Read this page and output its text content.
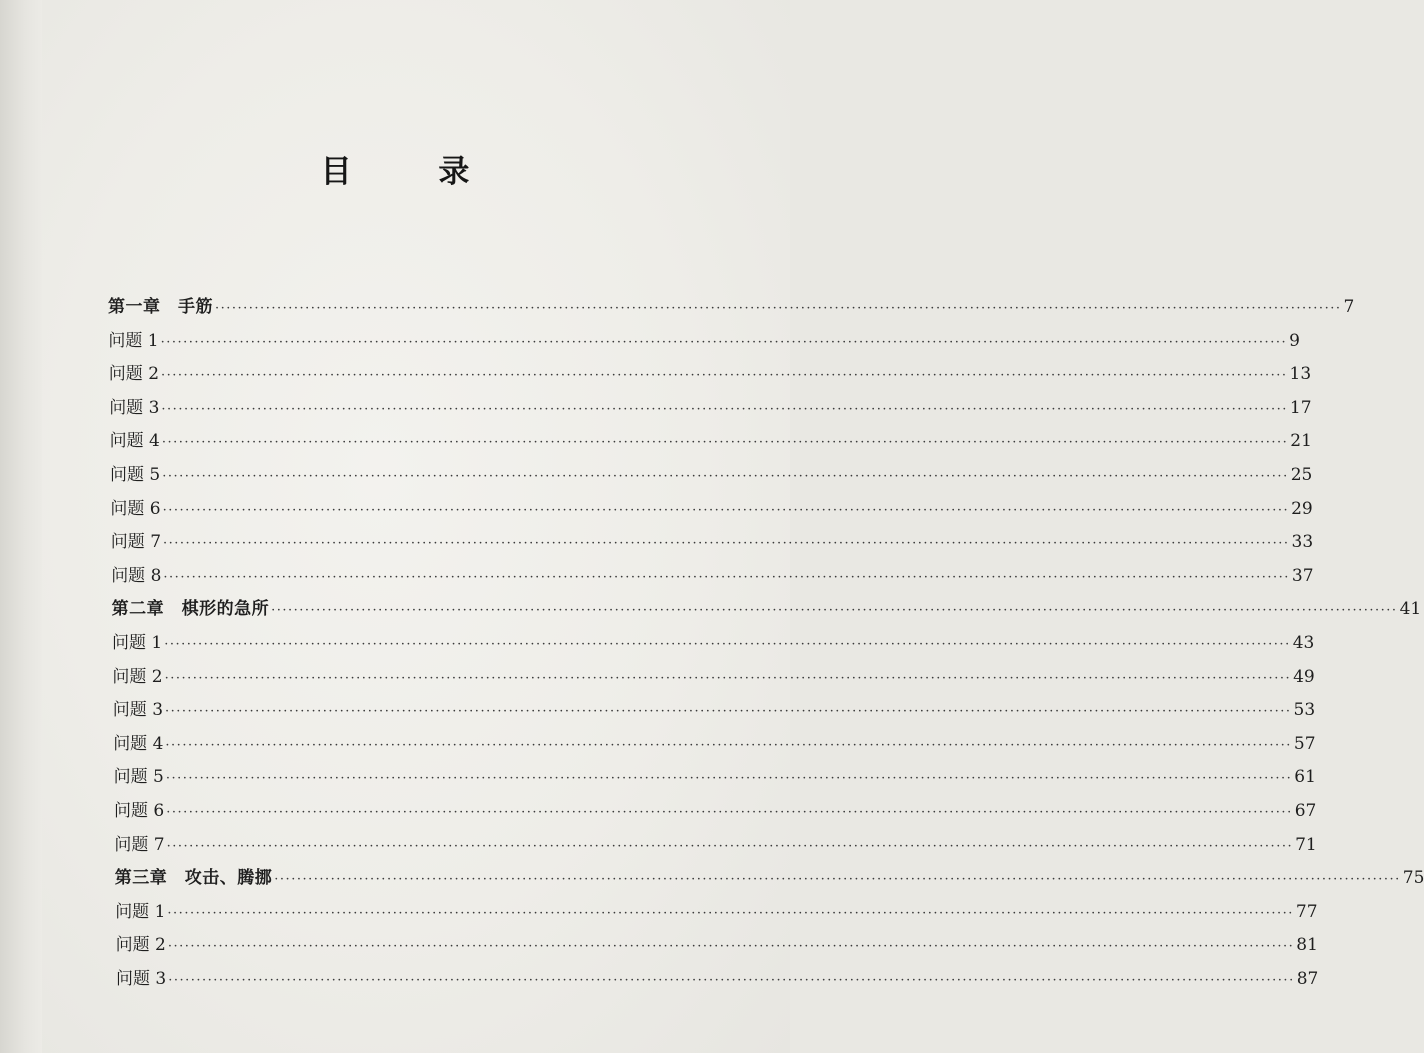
目 录
第一章　手筋 ········································································································································································································ 7
问题 1 ········································································································································································································ 9
问题 2 ········································································································································································································ 13
问题 3 ········································································································································································································ 17
问题 4 ········································································································································································································ 21
问题 5 ········································································································································································································ 25
问题 6 ········································································································································································································ 29
问题 7 ········································································································································································································ 33
问题 8 ········································································································································································································ 37
第二章　棋形的急所 ········································································································································································································ 41
问题 1 ········································································································································································································ 43
问题 2 ········································································································································································································ 49
问题 3 ········································································································································································································ 53
问题 4 ········································································································································································································ 57
问题 5 ········································································································································································································ 61
问题 6 ········································································································································································································ 67
问题 7 ········································································································································································································ 71
第三章　攻击、腾挪 ········································································································································································································ 75
问题 1 ········································································································································································································ 77
问题 2 ········································································································································································································ 81
问题 3 ········································································································································································································ 87
